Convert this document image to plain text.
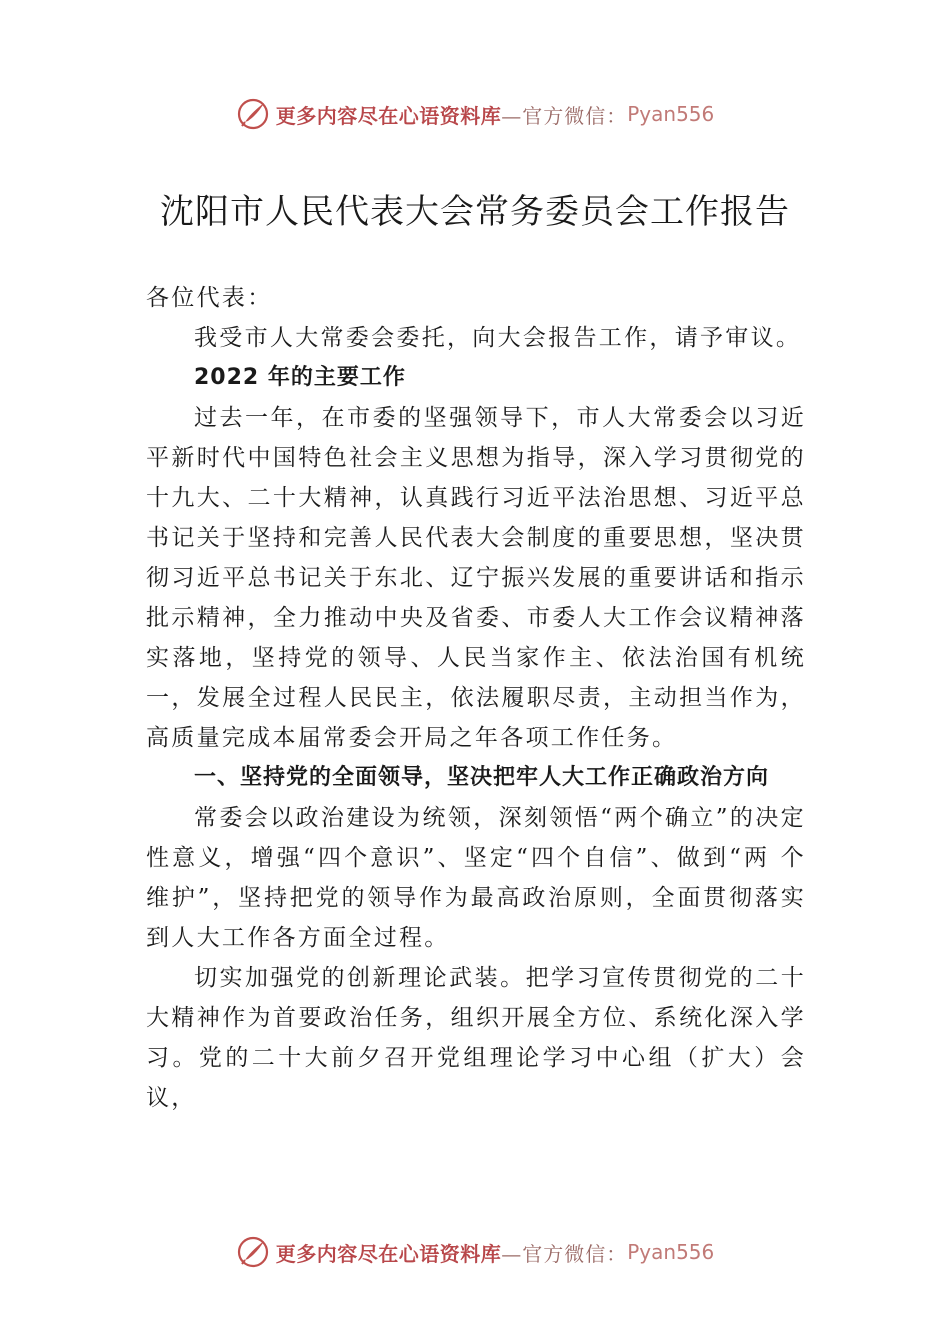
更多内容尽在心语资料库 —官方微信： Pyan556
沈阳市人民代表大会常务委员会工作报告

各位代表：

我受市人大常委会委托，向大会报告工作，请予审议。

2022 年的主要工作

过去一年，在市委的坚强领导下，市人大常委会以习近平新时代中国特色社会主义思想为指导，深入学习贯彻党的十九大、二十大精神，认真践行习近平法治思想、习近平总书记关于坚持和完善人民代表大会制度的重要思想，坚决贯彻习近平总书记关于东北、辽宁振兴发展的重要讲话和指示批示精神，全力推动中央及省委、市委人大工作会议精神落实落地，坚持党的领导、人民当家作主、依法治国有机统一，发展全过程人民民主，依法履职尽责，主动担当作为，高质量完成本届常委会开局之年各项工作任务。

一、坚持党的全面领导，坚决把牢人大工作正确政治方向

常委会以政治建设为统领，深刻领悟“两个确立”的决定性意义，增强“四个意识”、坚定“四个自信”、做到“两 个维护”，坚持把党的领导作为最高政治原则，全面贯彻落实到人大工作各方面全过程。

切实加强党的创新理论武装。把学习宣传贯彻党的二十大精神作为首要政治任务，组织开展全方位、系统化深入学习。党的二十大前夕召开党组理论学习中心组（扩大）会议，

更多内容尽在心语资料库 —官方微信： Pyan556
